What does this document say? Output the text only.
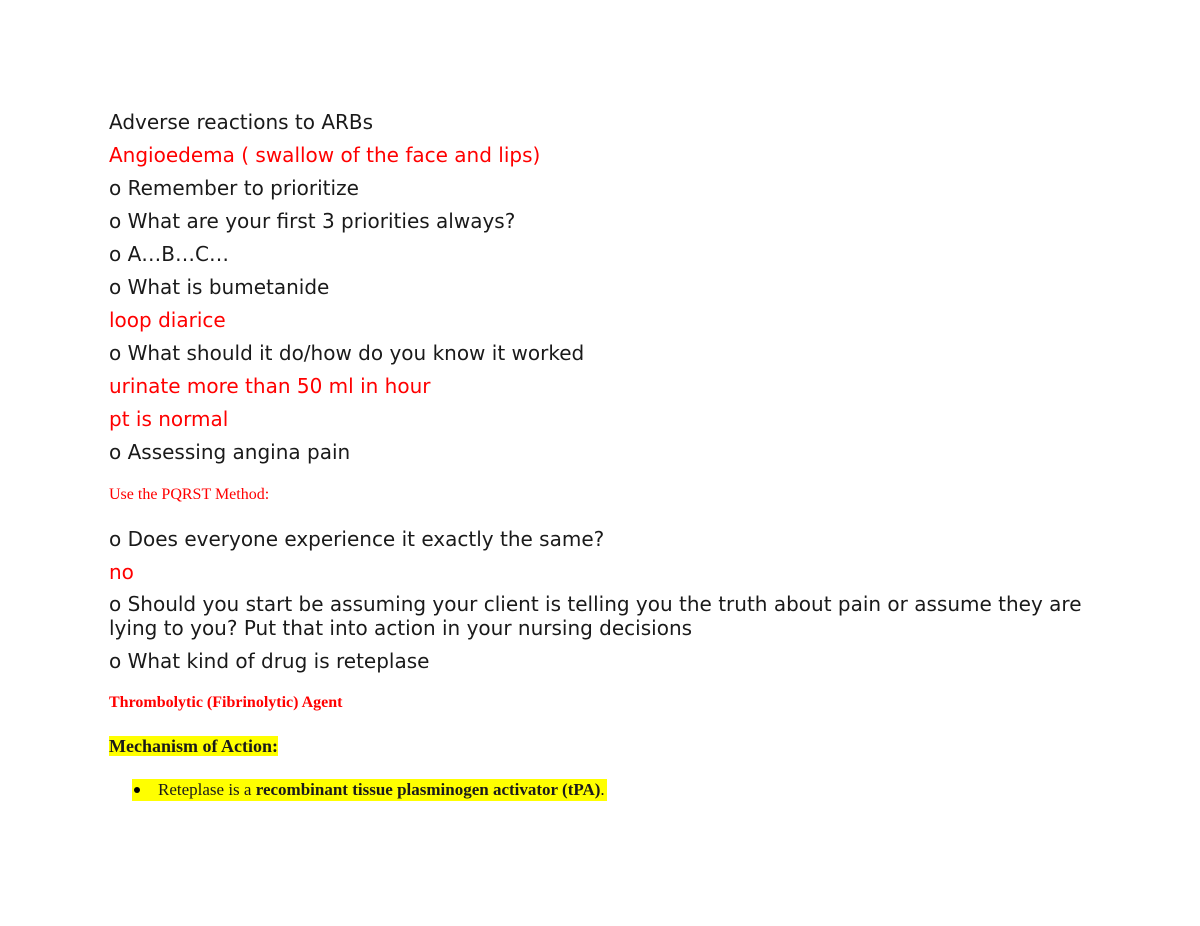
Adverse reactions to ARBs
Angioedema ( swallow of the face and lips)
o Remember to prioritize
o What are your first 3 priorities always?
o A…B…C…
o What is bumetanide
loop diarice
o What should it do/how do you know it worked
urinate more than 50 ml in hour
pt is normal
o Assessing angina pain
Use the PQRST Method:
o Does everyone experience it exactly the same?
no
o Should you start be assuming your client is telling you the truth about pain or assume they are lying to you? Put that into action in your nursing decisions
o What kind of drug is reteplase
Thrombolytic (Fibrinolytic) Agent
Mechanism of Action:
Reteplase is a recombinant tissue plasminogen activator (tPA) .
